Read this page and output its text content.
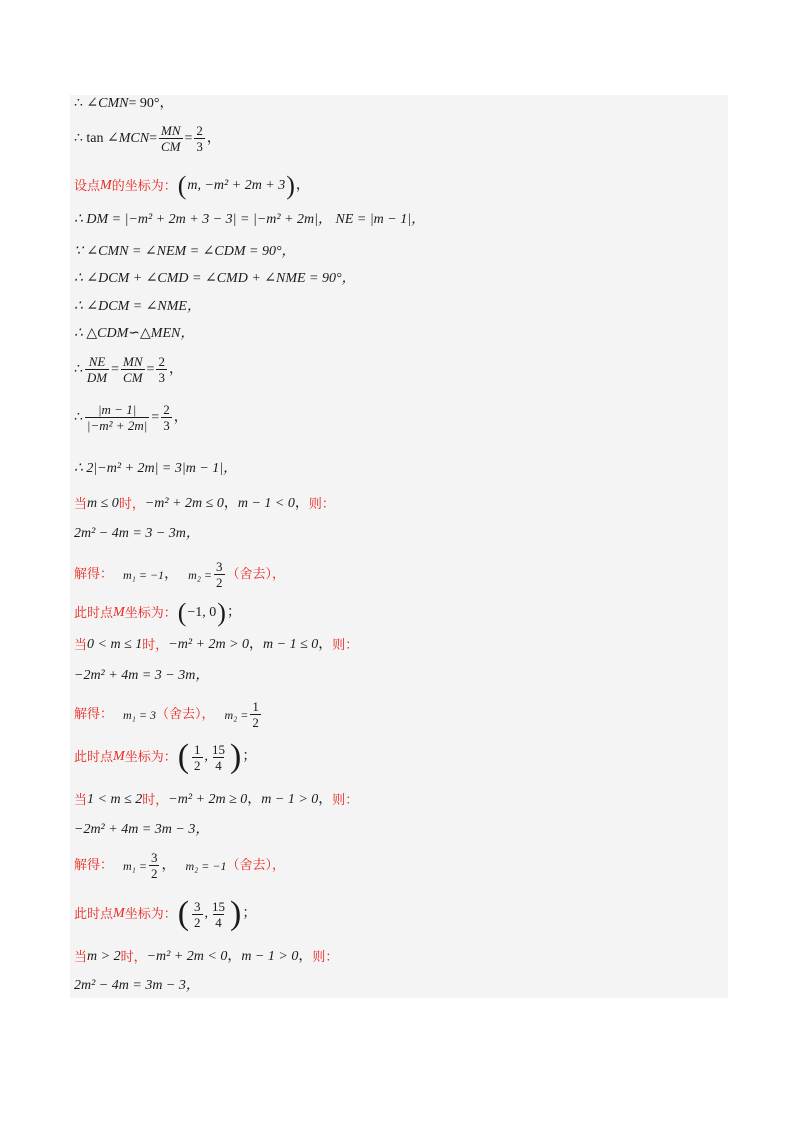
∴ ∠ CMN = 90° ，
∴ tan ∠ MCN = $\frac{MN}{CM} = \frac{2}{3}$ ，
设点 M 的坐标为： ( m, −m² + 2m + 3 ) ，
∴ DM = |−m² + 2m + 3 − 3| = |−m² + 2m|， NE = |m − 1|，
∵ ∠CMN = ∠NEM = ∠CDM = 90°，
∴ ∠DCM + ∠CMD = ∠CMD + ∠NME = 90°，
∴ ∠DCM = ∠NME，
∴ △CDM∽△MEN，
∴ $\frac{NE}{DM} = \frac{MN}{CM} = \frac{2}{3}$ ，
∴ $\frac{|m - 1|}{\text{|−m² + 2m|}} = \frac{2}{3}$ ，
∴ 2|−m² + 2m| = 3|m − 1|，
当 m ≤ 0 时， −m² + 2m ≤ 0 ， m − 1 < 0 ， 则：
2m² − 4m = 3 − 3m，
解得： m₁ = −1 ， $m_2 = \frac{3}{2}$ （舍去），
此时点 M 坐标为： ( −1, 0 ) ；
当 0 < m ≤ 1 时， −m² + 2m > 0 ， m − 1 ≤ 0 ， 则：
−2m² + 4m = 3 − 3m，
解得： m₁ = 3 （舍去）， $m_2 = \frac{1}{2}$
此时点 M 坐标为： ( $\frac{1}{2}$ , $\frac{15}{4}$ ) ；
当 1 < m ≤ 2 时， −m² + 2m ≥ 0 ， m − 1 > 0 ， 则：
−2m² + 4m = 3m − 3，
解得： $m_1 = \frac{3}{2}$ ， m₂ = −1 （舍去），
此时点 M 坐标为： ( $\frac{3}{2}$ , $\frac{15}{4}$ ) ；
当 m > 2 时， −m² + 2m < 0 ， m − 1 > 0 ， 则：
2m² − 4m = 3m − 3，
